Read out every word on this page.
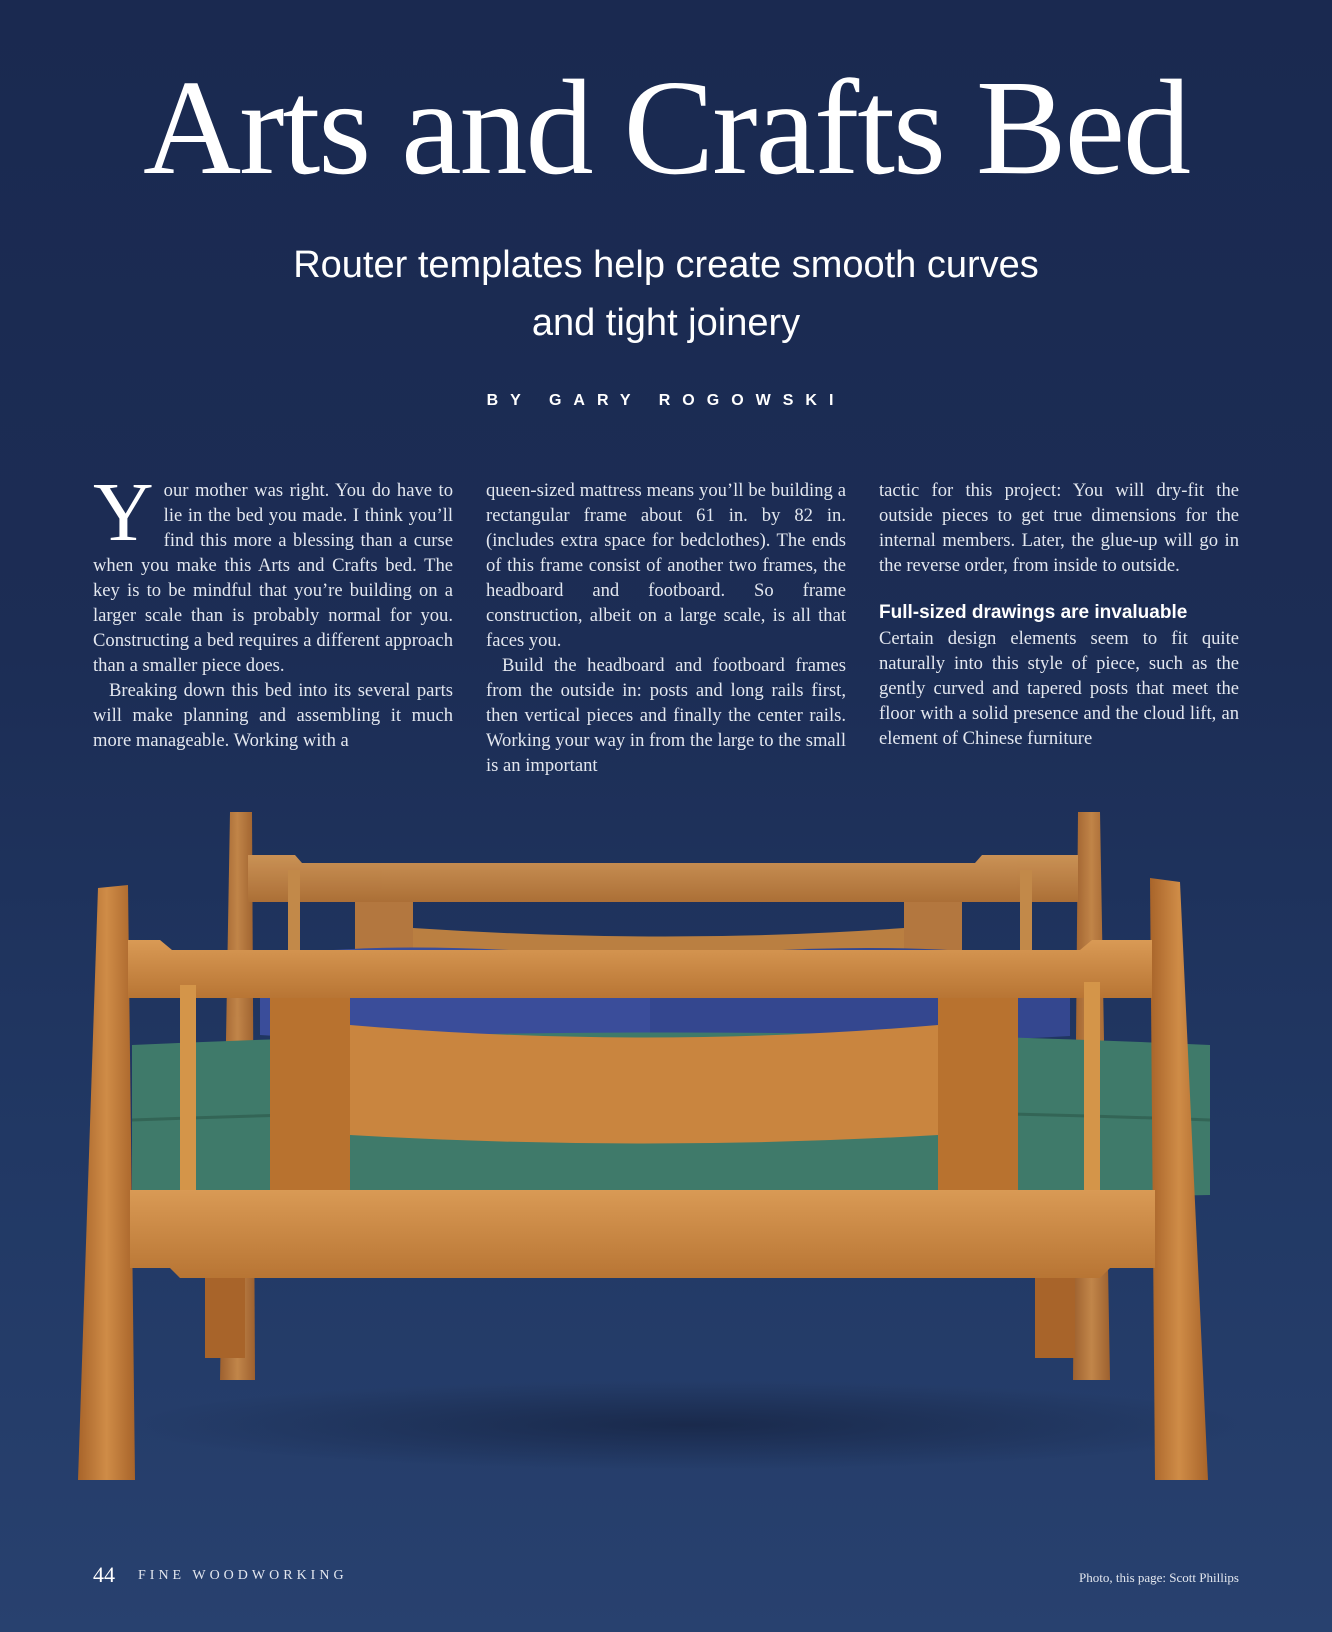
Arts and Crafts Bed
Router templates help create smooth curves
and tight joinery
BY GARY ROGOWSKI

Your mother was right. You do have to lie in the bed you made. I think you’ll find this more a blessing than a curse when you make this Arts and Crafts bed. The key is to be mindful that you’re building on a larger scale than is probably normal for you. Constructing a bed requires a different approach than a smaller piece does.

Breaking down this bed into its several parts will make planning and assembling it much more manageable. Working with a

queen-sized mattress means you’ll be building a rectangular frame about 61 in. by 82 in. (includes extra space for bedclothes). The ends of this frame consist of another two frames, the headboard and footboard. So frame construction, albeit on a large scale, is all that faces you.

Build the headboard and footboard frames from the outside in: posts and long rails first, then vertical pieces and finally the center rails. Working your way in from the large to the small is an important

tactic for this project: You will dry-fit the outside pieces to get true dimensions for the internal members. Later, the glue-up will go in the reverse order, from inside to outside.

Full-sized drawings are invaluable

Certain design elements seem to fit quite naturally into this style of piece, such as the gently curved and tapered posts that meet the floor with a solid presence and the cloud lift, an element of Chinese furniture

44 FINE WOODWORKING	Photo, this page: Scott Phillips
